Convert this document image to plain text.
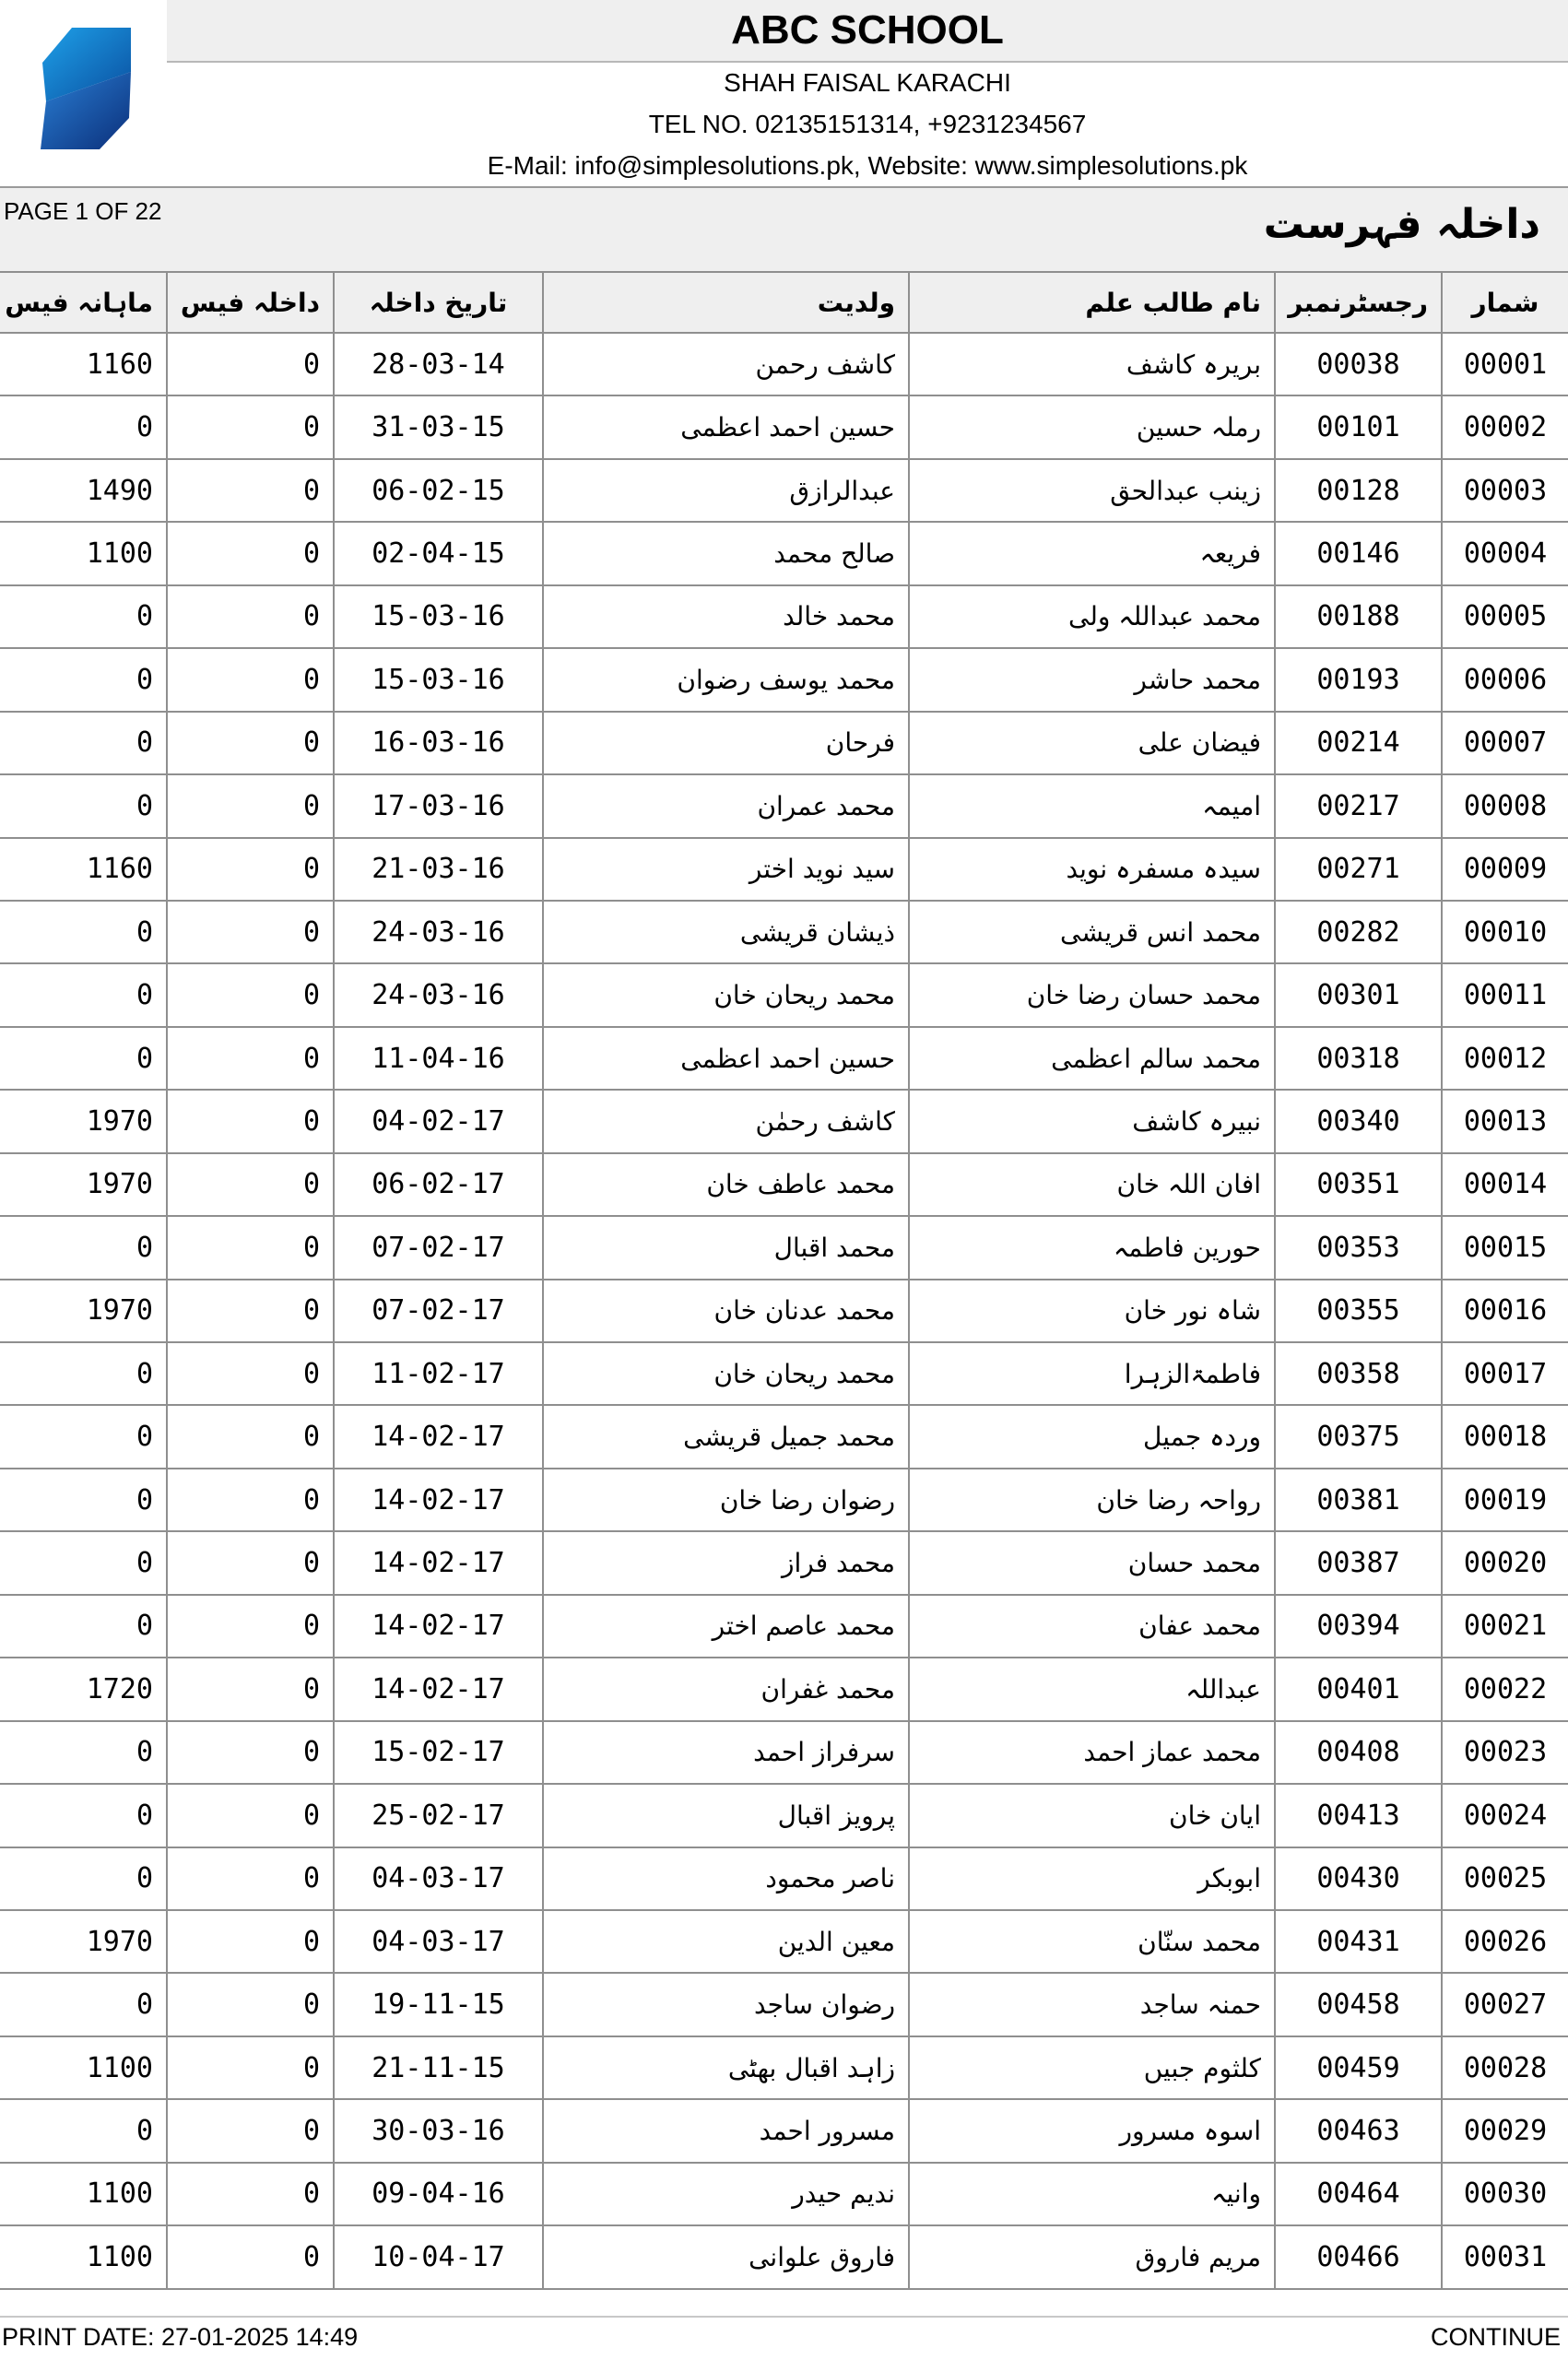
ABC SCHOOL
SHAH FAISAL KARACHI
TEL NO. 02135151314, +9231234567
E-Mail: info@simplesolutions.pk, Website: www.simplesolutions.pk
PAGE 1 OF 22	داخلہ فہرست
ماہانہ فیس	داخلہ فیس	تاریخ داخلہ	ولدیت	نام طالب علم	رجسٹرنمبر	شمار
1160	0	28-03-14	کاشف رحمن	بریرہ کاشف	00038	00001
0	0	31-03-15	حسین احمد اعظمی	رملہ حسین	00101	00002
1490	0	06-02-15	عبدالرازق	زینب عبدالحق	00128	00003
1100	0	02-04-15	صالح محمد	فریعہ	00146	00004
0	0	15-03-16	محمد خالد	محمد عبداللہ ولی	00188	00005
0	0	15-03-16	محمد یوسف رضوان	محمد حاشر	00193	00006
0	0	16-03-16	فرحان	فیضان علی	00214	00007
0	0	17-03-16	محمد عمران	امیمہ	00217	00008
1160	0	21-03-16	سید نوید اختر	سیدہ مسفرہ نوید	00271	00009
0	0	24-03-16	ذیشان قریشی	محمد انس قریشی	00282	00010
0	0	24-03-16	محمد ریحان خان	محمد حسان رضا خان	00301	00011
0	0	11-04-16	حسین احمد اعظمی	محمد سالم اعظمی	00318	00012
1970	0	04-02-17	کاشف رحمٰن	نبیرہ کاشف	00340	00013
1970	0	06-02-17	محمد عاطف خان	افان اللہ خان	00351	00014
0	0	07-02-17	محمد اقبال	حورین فاطمہ	00353	00015
1970	0	07-02-17	محمد عدنان خان	شاہ نور خان	00355	00016
0	0	11-02-17	محمد ریحان خان	فاطمۃالزہرا	00358	00017
0	0	14-02-17	محمد جمیل قریشی	وردہ جمیل	00375	00018
0	0	14-02-17	رضوان رضا خان	رواحہ رضا خان	00381	00019
0	0	14-02-17	محمد فراز	محمد حسان	00387	00020
0	0	14-02-17	محمد عاصم اختر	محمد عفان	00394	00021
1720	0	14-02-17	محمد غفران	عبداللہ	00401	00022
0	0	15-02-17	سرفراز احمد	محمد عماز احمد	00408	00023
0	0	25-02-17	پرویز اقبال	ایان خان	00413	00024
0	0	04-03-17	ناصر محمود	ابوبکر	00430	00025
1970	0	04-03-17	معین الدین	محمد سنّان	00431	00026
0	0	19-11-15	رضوان ساجد	حمنہ ساجد	00458	00027
1100	0	21-11-15	زاہد اقبال بھٹی	کلثوم جبیں	00459	00028
0	0	30-03-16	مسرور احمد	اسوہ مسرور	00463	00029
1100	0	09-04-16	ندیم حیدر	وانیہ	00464	00030
1100	0	10-04-17	فاروق علوانی	مریم فاروق	00466	00031
PRINT DATE: 27-01-2025 14:49	CONTINUE
